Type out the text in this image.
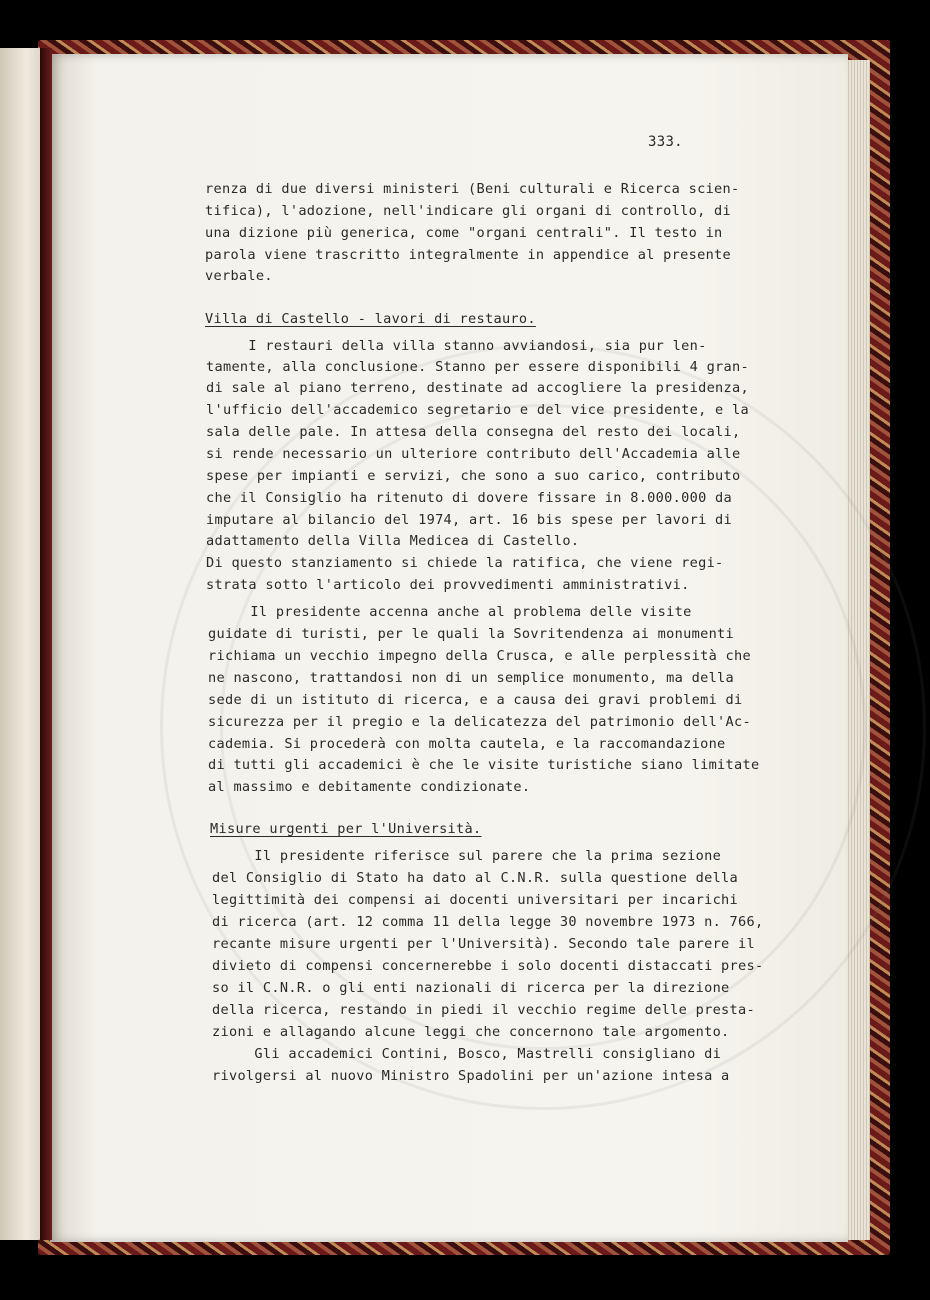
333.
renza di due diversi ministeri (Beni culturali e Ricerca scien-
tifica), l'adozione, nell'indicare gli organi di controllo, di
una dizione più generica, come "organi centrali". Il testo in
parola viene trascritto integralmente in appendice al presente
verbale.
Villa di Castello - lavori di restauro.
I restauri della villa stanno avviandosi, sia pur len-
tamente, alla conclusione. Stanno per essere disponibili 4 gran-
di sale al piano terreno, destinate ad accogliere la presidenza,
l'ufficio dell'accademico segretario e del vice presidente, e la
sala delle pale. In attesa della consegna del resto dei locali,
si rende necessario un ulteriore contributo dell'Accademia alle
spese per impianti e servizi, che sono a suo carico, contributo
che il Consiglio ha ritenuto di dovere fissare in 8.000.000 da
imputare al bilancio del 1974, art. 16 bis spese per lavori di
adattamento della Villa Medicea di Castello.
Di questo stanziamento si chiede la ratifica, che viene regi-
strata sotto l'articolo dei provvedimenti amministrativi.
Il presidente accenna anche al problema delle visite
guidate di turisti, per le quali la Sovritendenza ai monumenti
richiama un vecchio impegno della Crusca, e alle perplessità che
ne nascono, trattandosi non di un semplice monumento, ma della
sede di un istituto di ricerca, e a causa dei gravi problemi di
sicurezza per il pregio e la delicatezza del patrimonio dell'Ac-
cademia. Si procederà con molta cautela, e la raccomandazione
di tutti gli accademici è che le visite turistiche siano limitate
al massimo e debitamente condizionate.
Misure urgenti per l'Università.
Il presidente riferisce sul parere che la prima sezione
del Consiglio di Stato ha dato al C.N.R. sulla questione della
legittimità dei compensi ai docenti universitari per incarichi
di ricerca (art. 12 comma 11 della legge 30 novembre 1973 n. 766,
recante misure urgenti per l'Università). Secondo tale parere il
divieto di compensi concernerebbe i solo docenti distaccati pres-
so il C.N.R. o gli enti nazionali di ricerca per la direzione
della ricerca, restando in piedi il vecchio regime delle presta-
zioni e allagando alcune leggi che concernono tale argomento.
Gli accademici Contini, Bosco, Mastrelli consigliano di
rivolgersi al nuovo Ministro Spadolini per un'azione intesa a
